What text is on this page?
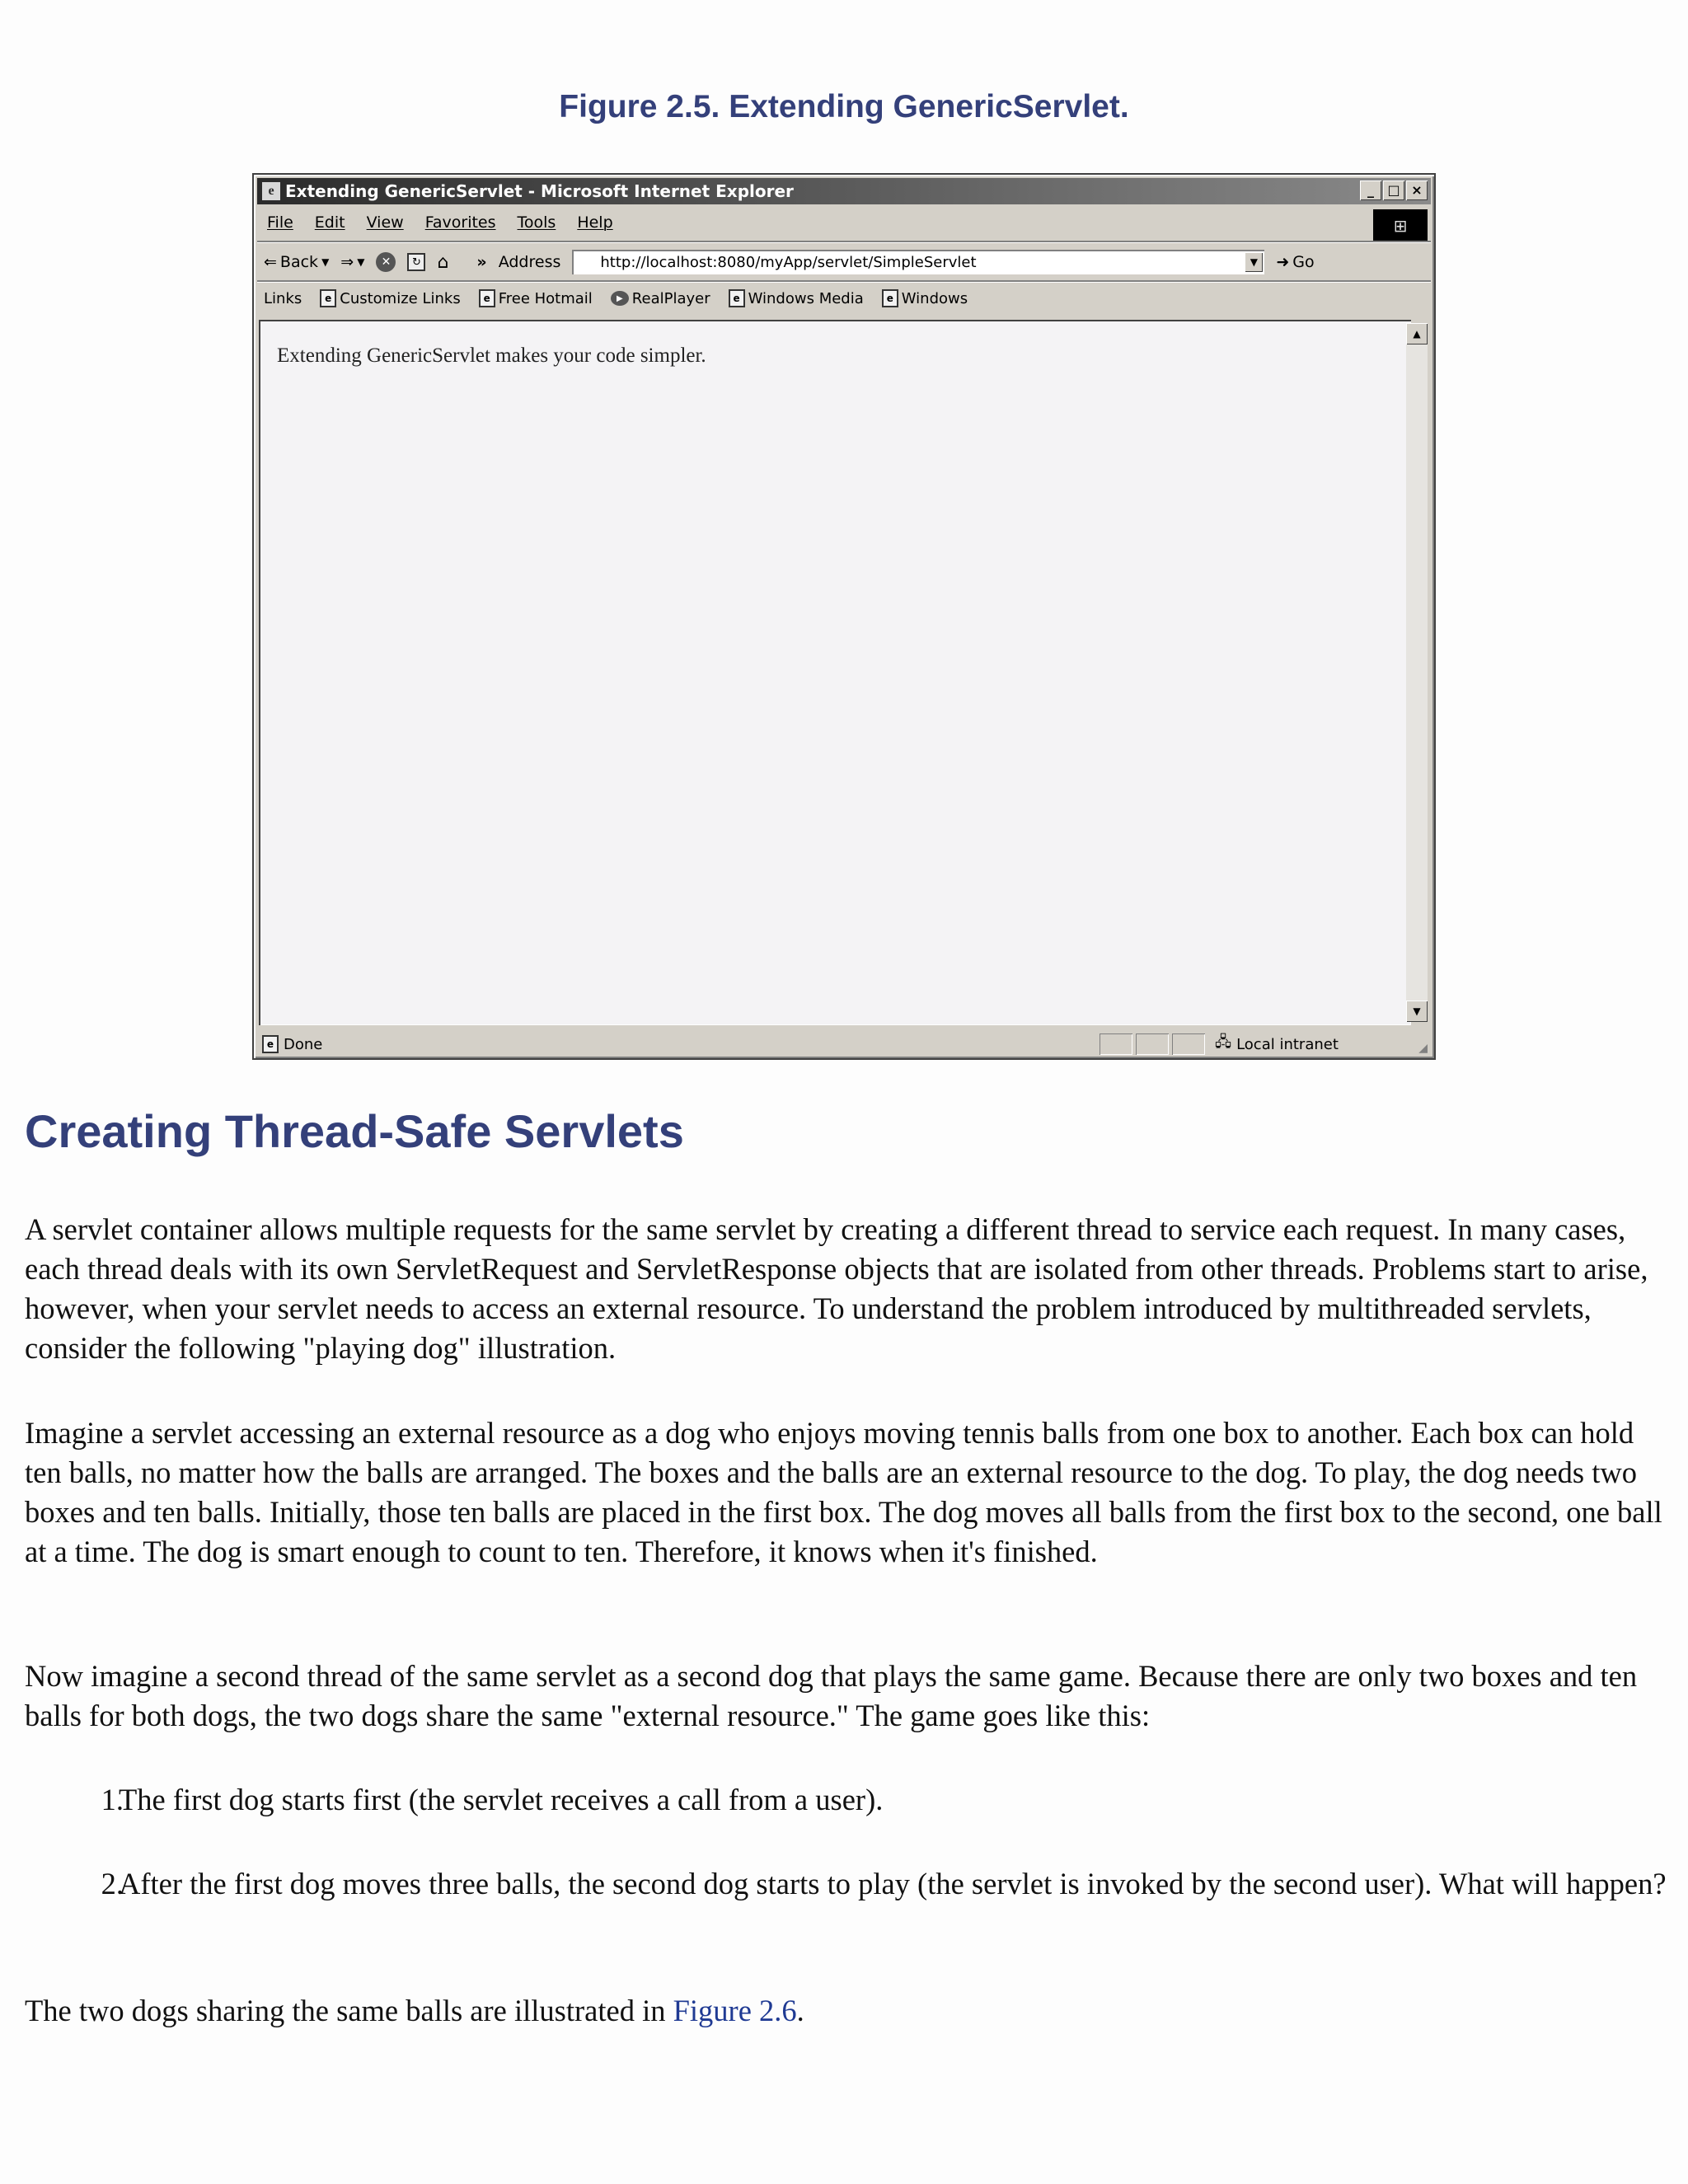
Figure 2.5. Extending GenericServlet.
e Extending GenericServlet - Microsoft Internet Explorer	_	□ ×
File Edit View Favorites Tools Help	⊞
⇐ Back ▼ ⇒ ▼	✕	↻ ⌂ » Address	http://localhost:8080/myApp/servlet/SimpleServlet	▼	➜ Go
Links	e Customize Links	e Free Hotmail	▶ RealPlayer	e Windows Media	e Windows
Extending GenericServlet makes your code simpler.
▲
▼
e Done	🖧 Local intranet	◢
Creating Thread-Safe Servlets

A servlet container allows multiple requests for the same servlet by creating a different thread to service each request. In many cases, each thread deals with its own ServletRequest and ServletResponse objects that are isolated from other threads. Problems start to arise, however, when your servlet needs to access an external resource. To understand the problem introduced by multithreaded servlets, consider the following "playing dog" illustration.

Imagine a servlet accessing an external resource as a dog who enjoys moving tennis balls from one box to another. Each box can hold ten balls, no matter how the balls are arranged. The boxes and the balls are an external resource to the dog. To play, the dog needs two boxes and ten balls. Initially, those ten balls are placed in the first box. The dog moves all balls from the first box to the second, one ball at a time. The dog is smart enough to count to ten. Therefore, it knows when it's finished.

Now imagine a second thread of the same servlet as a second dog that plays the same game. Because there are only two boxes and ten balls for both dogs, the two dogs share the same "external resource." The game goes like this:

1.
The first dog starts first (the servlet receives a call from a user).
2.
After the first dog moves three balls, the second dog starts to play (the servlet is invoked by the second user). What will happen?

The two dogs sharing the same balls are illustrated in Figure 2.6.
